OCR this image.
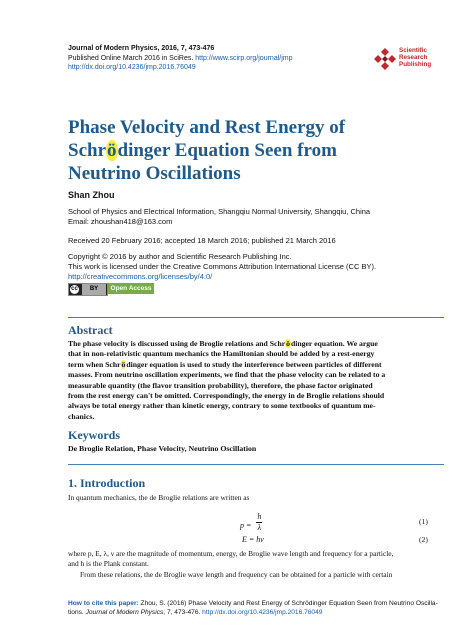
Journal of Modern Physics, 2016, 7, 473-476
Published Online March 2016 in SciRes. http://www.scirp.org/journal/jmp
http://dx.doi.org/10.4236/jmp.2016.76049
Scientific
Research
Publishing
Phase Velocity and Rest Energy of
Schrödinger Equation Seen from
Neutrino Oscillations
Shan Zhou
School of Physics and Electrical Information, Shangqiu Normal University, Shangqiu, China
Email: zhoushan418@163.com
Received 20 February 2016; accepted 18 March 2016; published 21 March 2016
Copyright © 2016 by author and Scientific Research Publishing Inc.
This work is licensed under the Creative Commons Attribution International License (CC BY).
http://creativecommons.org/licenses/by/4.0/
cc	BY	Open Access
Abstract
The phase velocity is discussed using de Broglie relations and Schrödinger equation. We argue
that in non-relativistic quantum mechanics the Hamiltonian should be added by a rest-energy
term when Schrödinger equation is used to study the interference between particles of different
masses. From neutrino oscillation experiments, we find that the phase velocity can be related to a
measurable quantity (the flavor transition probability), therefore, the phase factor originated
from the rest energy can't be omitted. Correspondingly, the energy in de Broglie relations should
always be total energy rather than kinetic energy, contrary to some textbooks of quantum me-
chanics.
Keywords
De Broglie Relation, Phase Velocity, Neutrino Oscillation
1. Introduction
In quantum mechanics, the de Broglie relations are written as
$p = \frac{h}{\lambda}$	(1)
E = hν	(2)
where p, E, λ, ν are the magnitude of momentum, energy, de Broglie wave length and frequency for a particle,
and h is the Plank constant.
From these relations, the de Broglie wave length and frequency can be obtained for a particle with certain
How to cite this paper: Zhou, S. (2016) Phase Velocity and Rest Energy of Schrödinger Equation Seen from Neutrino Oscilla-
tions. Journal of Modern Physics, 7, 473-476. http://dx.doi.org/10.4236/jmp.2016.76049
